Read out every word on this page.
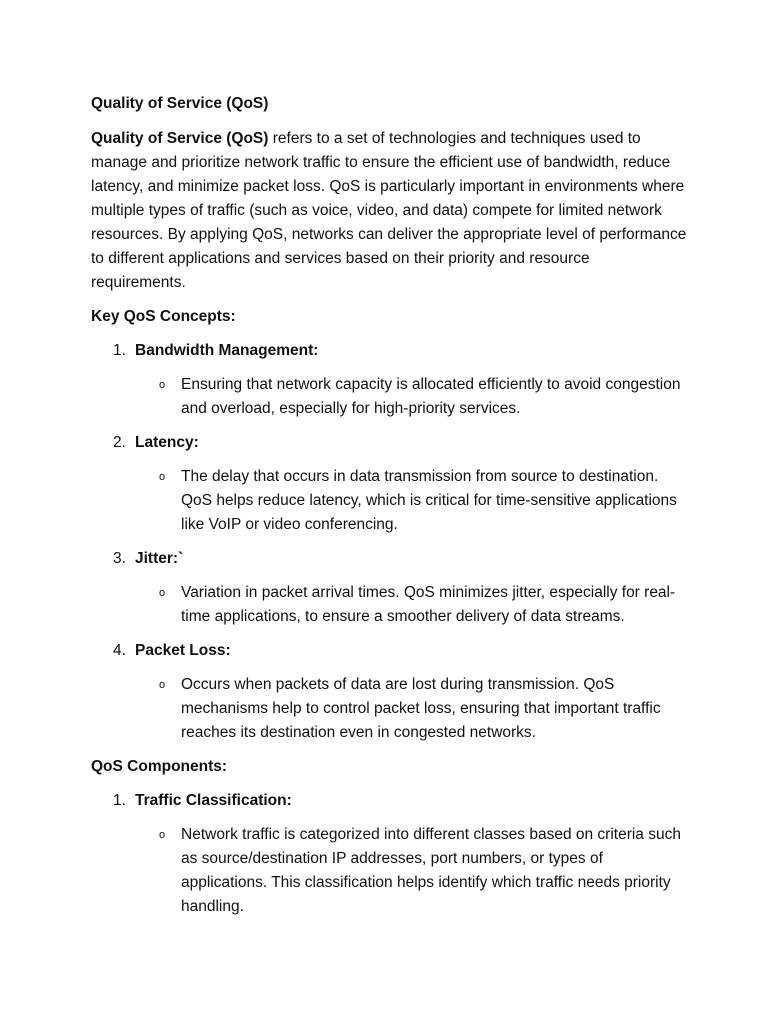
Quality of Service (QoS)

Quality of Service (QoS) refers to a set of technologies and techniques used to manage and prioritize network traffic to ensure the efficient use of bandwidth, reduce latency, and minimize packet loss. QoS is particularly important in environments where multiple types of traffic (such as voice, video, and data) compete for limited network resources. By applying QoS, networks can deliver the appropriate level of performance to different applications and services based on their priority and resource requirements.

Key QoS Concepts:
1. Bandwidth Management:
o Ensuring that network capacity is allocated efficiently to avoid congestion and overload, especially for high-priority services.
2. Latency:
o The delay that occurs in data transmission from source to destination. QoS helps reduce latency, which is critical for time-sensitive applications like VoIP or video conferencing.
3. Jitter:`
o Variation in packet arrival times. QoS minimizes jitter, especially for real-time applications, to ensure a smoother delivery of data streams.
4. Packet Loss:
o Occurs when packets of data are lost during transmission. QoS mechanisms help to control packet loss, ensuring that important traffic reaches its destination even in congested networks.
QoS Components:
1. Traffic Classification:
o Network traffic is categorized into different classes based on criteria such as source/destination IP addresses, port numbers, or types of applications. This classification helps identify which traffic needs priority handling.
